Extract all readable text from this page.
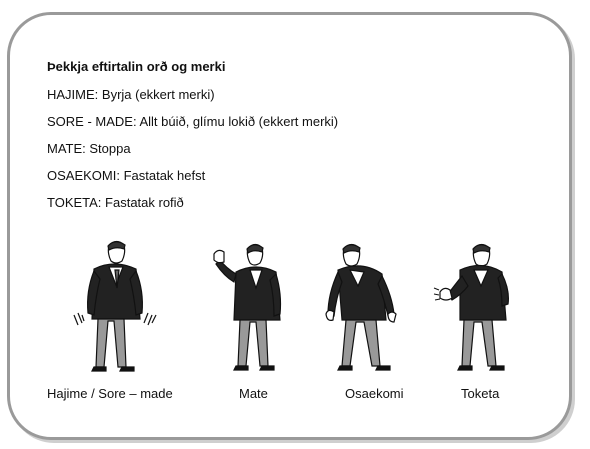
Þekkja eftirtalin orð og merki
HAJIME: Byrja (ekkert merki)
SORE - MADE: Allt búið, glímu lokið (ekkert merki)
MATE: Stoppa
OSAEKOMI: Fastatak hefst
TOKETA: Fastatak rofið
Hajime / Sore – made	Mate	Osaekomi	Toketa
